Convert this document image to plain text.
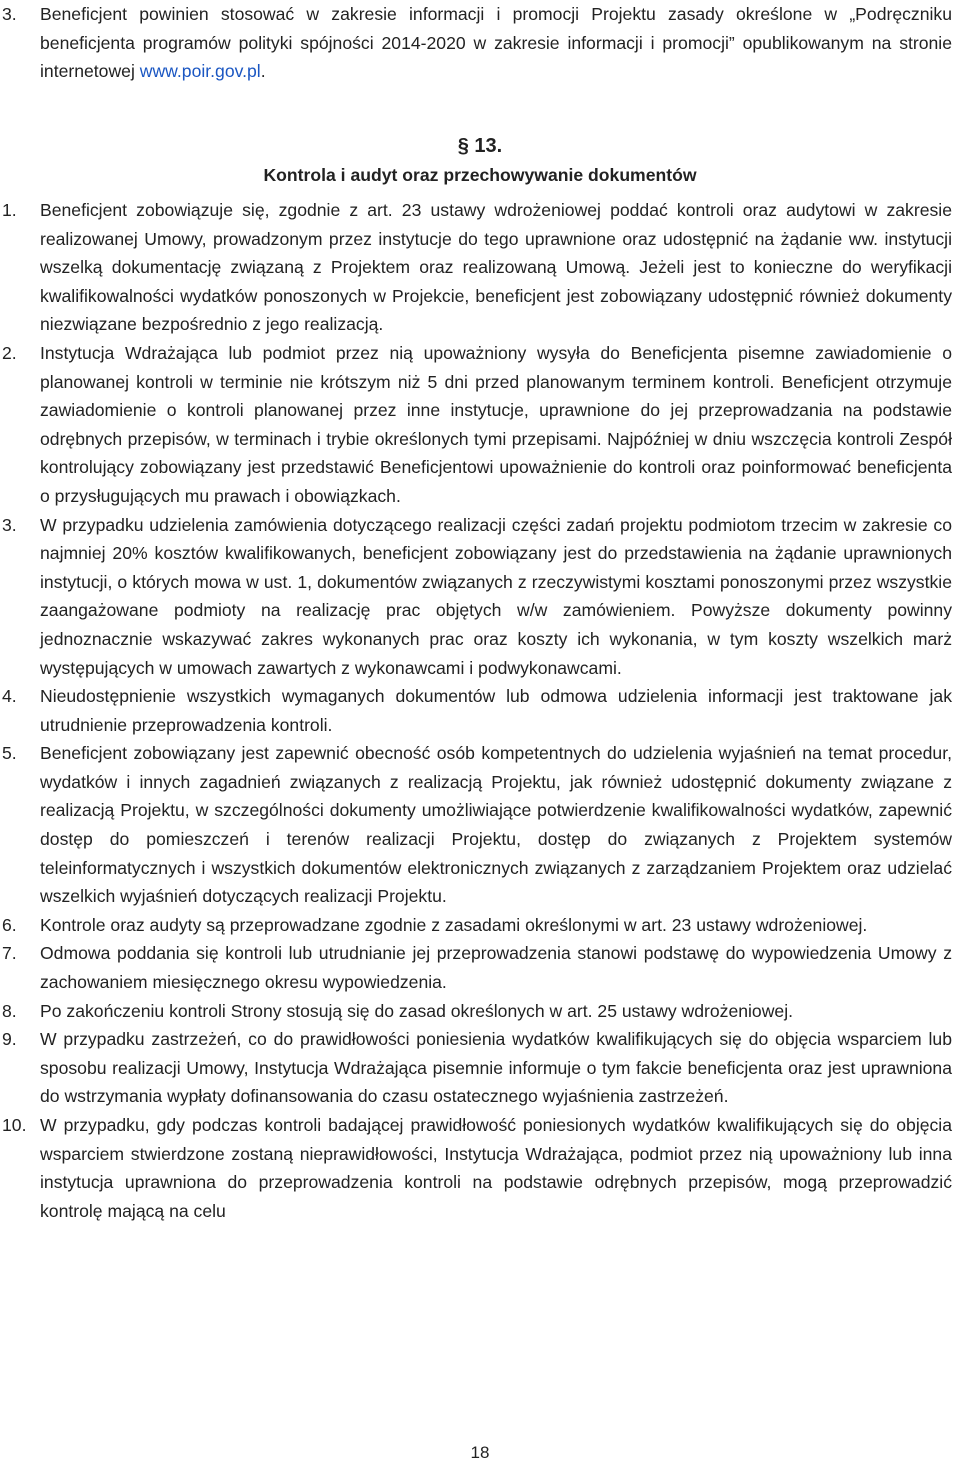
3.	Beneficjent powinien stosować w zakresie informacji i promocji Projektu zasady określone w „Podręczniku beneficjenta programów polityki spójności 2014-2020 w zakresie informacji i promocji” opublikowanym na stronie internetowej www.poir.gov.pl.
§ 13.
Kontrola i audyt oraz przechowywanie dokumentów
1.	Beneficjent zobowiązuje się, zgodnie z art. 23 ustawy wdrożeniowej poddać kontroli oraz audytowi w zakresie realizowanej Umowy, prowadzonym przez instytucje do tego uprawnione oraz udostępnić na żądanie ww. instytucji wszelką dokumentację związaną z Projektem oraz realizowaną Umową. Jeżeli jest to konieczne do weryfikacji kwalifikowalności wydatków ponoszonych w Projekcie, beneficjent jest zobowiązany udostępnić również dokumenty niezwiązane bezpośrednio z jego realizacją.
2.	Instytucja Wdrażająca lub podmiot przez nią upoważniony wysyła do Beneficjenta pisemne zawiadomienie o planowanej kontroli w terminie nie krótszym niż 5 dni przed planowanym terminem kontroli. Beneficjent otrzymuje zawiadomienie o kontroli planowanej przez inne instytucje, uprawnione do jej przeprowadzania na podstawie odrębnych przepisów, w terminach i trybie określonych tymi przepisami. Najpóźniej w dniu wszczęcia kontroli Zespół kontrolujący zobowiązany jest przedstawić Beneficjentowi upoważnienie do kontroli oraz poinformować beneficjenta o przysługujących mu prawach i obowiązkach.
3.	W przypadku udzielenia zamówienia dotyczącego realizacji części zadań projektu podmiotom trzecim w zakresie co najmniej 20% kosztów kwalifikowanych, beneficjent zobowiązany jest do przedstawienia na żądanie uprawnionych instytucji, o których mowa w ust. 1, dokumentów związanych z rzeczywistymi kosztami ponoszonymi przez wszystkie zaangażowane podmioty na realizację prac objętych w/w zamówieniem. Powyższe dokumenty powinny jednoznacznie wskazywać zakres wykonanych prac oraz koszty ich wykonania, w tym koszty wszelkich marż występujących w umowach zawartych z wykonawcami i podwykonawcami.
4.	Nieudostępnienie wszystkich wymaganych dokumentów lub odmowa udzielenia informacji jest traktowane jak utrudnienie przeprowadzenia kontroli.
5.	Beneficjent zobowiązany jest zapewnić obecność osób kompetentnych do udzielenia wyjaśnień na temat procedur, wydatków i innych zagadnień związanych z realizacją Projektu, jak również udostępnić dokumenty związane z realizacją Projektu, w szczególności dokumenty umożliwiające potwierdzenie kwalifikowalności wydatków, zapewnić dostęp do pomieszczeń i terenów realizacji Projektu, dostęp do związanych z Projektem systemów teleinformatycznych i wszystkich dokumentów elektronicznych związanych z zarządzaniem Projektem oraz udzielać wszelkich wyjaśnień dotyczących realizacji Projektu.
6.	Kontrole oraz audyty są przeprowadzane zgodnie z zasadami określonymi w art. 23 ustawy wdrożeniowej.
7.	Odmowa poddania się kontroli lub utrudnianie jej przeprowadzenia stanowi podstawę do wypowiedzenia Umowy z zachowaniem miesięcznego okresu wypowiedzenia.
8.	Po zakończeniu kontroli Strony stosują się do zasad określonych w art. 25 ustawy wdrożeniowej.
9.	W przypadku zastrzeżeń, co do prawidłowości poniesienia wydatków kwalifikujących się do objęcia wsparciem lub sposobu realizacji Umowy, Instytucja Wdrażająca pisemnie informuje o tym fakcie beneficjenta oraz jest uprawniona do wstrzymania wypłaty dofinansowania do czasu ostatecznego wyjaśnienia zastrzeżeń.
10. W przypadku, gdy podczas kontroli badającej prawidłowość poniesionych wydatków kwalifikujących się do objęcia wsparciem stwierdzone zostaną nieprawidłowości, Instytucja Wdrażająca, podmiot przez nią upoważniony lub inna instytucja uprawniona do przeprowadzenia kontroli na podstawie odrębnych przepisów, mogą przeprowadzić kontrolę mającą na celu
18
